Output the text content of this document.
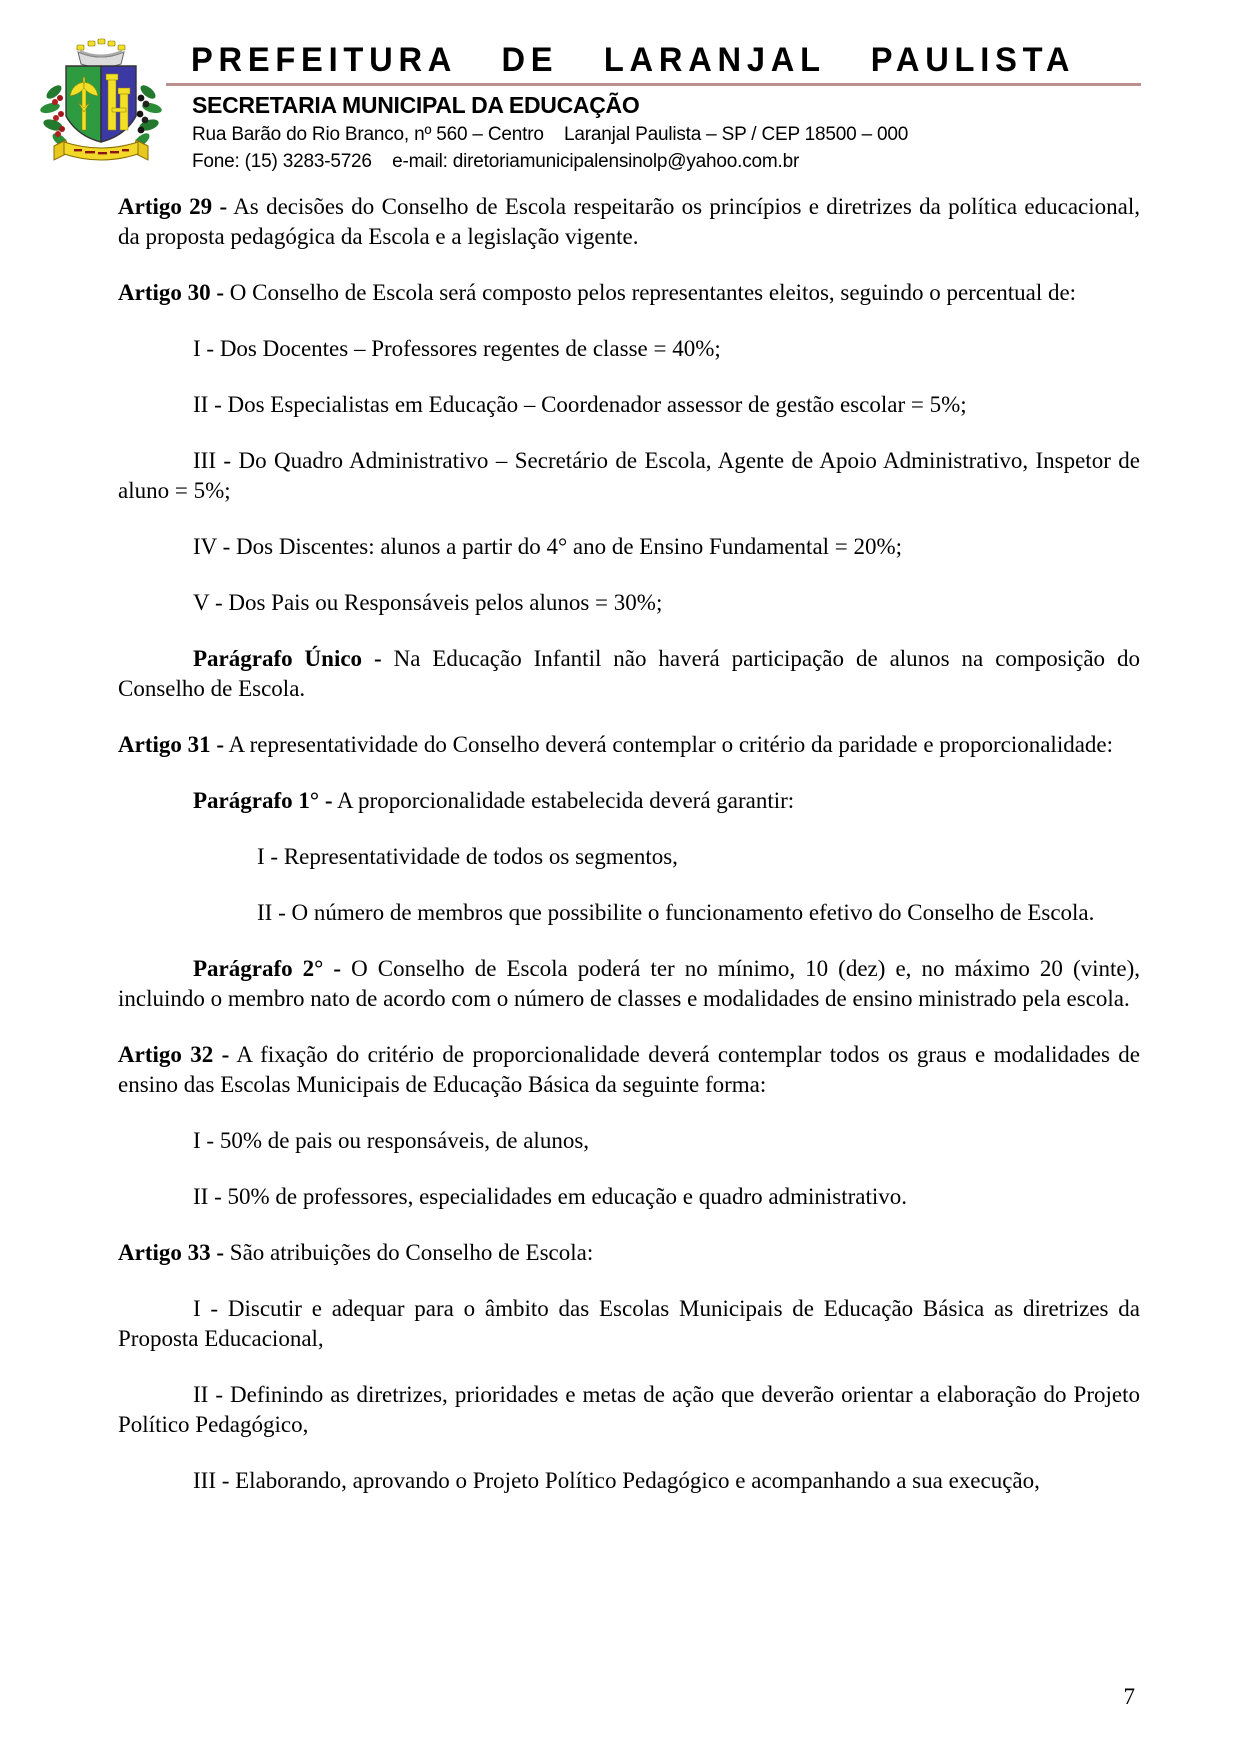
PREFEITURA DE LARANJAL PAULISTA
SECRETARIA MUNICIPAL DA EDUCAÇÃO
Rua Barão do Rio Branco, nº 560 – Centro    Laranjal Paulista – SP / CEP 18500 – 000
Fone: (15) 3283-5726    e-mail: diretoriamunicipalensinolp@yahoo.com.br

Artigo 29 - As decisões do Conselho de Escola respeitarão os princípios e diretrizes da política educacional, da proposta pedagógica da Escola e a legislação vigente.

Artigo 30 - O Conselho de Escola será composto pelos representantes eleitos, seguindo o percentual de:

I - Dos Docentes – Professores regentes de classe = 40%;

II - Dos Especialistas em Educação – Coordenador assessor de gestão escolar = 5%;

III - Do Quadro Administrativo – Secretário de Escola, Agente de Apoio Administrativo, Inspetor de aluno = 5%;

IV - Dos Discentes: alunos a partir do 4° ano de Ensino Fundamental = 20%;

V - Dos Pais ou Responsáveis pelos alunos = 30%;

Parágrafo Único - Na Educação Infantil não haverá participação de alunos na composição do Conselho de Escola.

Artigo 31 - A representatividade do Conselho deverá contemplar o critério da paridade e proporcionalidade:

Parágrafo 1° - A proporcionalidade estabelecida deverá garantir:

I - Representatividade de todos os segmentos,

II - O número de membros que possibilite o funcionamento efetivo do Conselho de Escola.

Parágrafo 2° - O Conselho de Escola poderá ter no mínimo, 10 (dez) e, no máximo 20 (vinte), incluindo o membro nato de acordo com o número de classes e modalidades de ensino ministrado pela escola.

Artigo 32 - A fixação do critério de proporcionalidade deverá contemplar todos os graus e modalidades de ensino das Escolas Municipais de Educação Básica da seguinte forma:

I - 50% de pais ou responsáveis, de alunos,

II - 50% de professores, especialidades em educação e quadro administrativo.

Artigo 33 - São atribuições do Conselho de Escola:

I - Discutir e adequar para o âmbito das Escolas Municipais de Educação Básica as diretrizes da Proposta Educacional,

II - Definindo as diretrizes, prioridades e metas de ação que deverão orientar a elaboração do Projeto Político Pedagógico,

III - Elaborando, aprovando o Projeto Político Pedagógico e acompanhando a sua execução,

7
